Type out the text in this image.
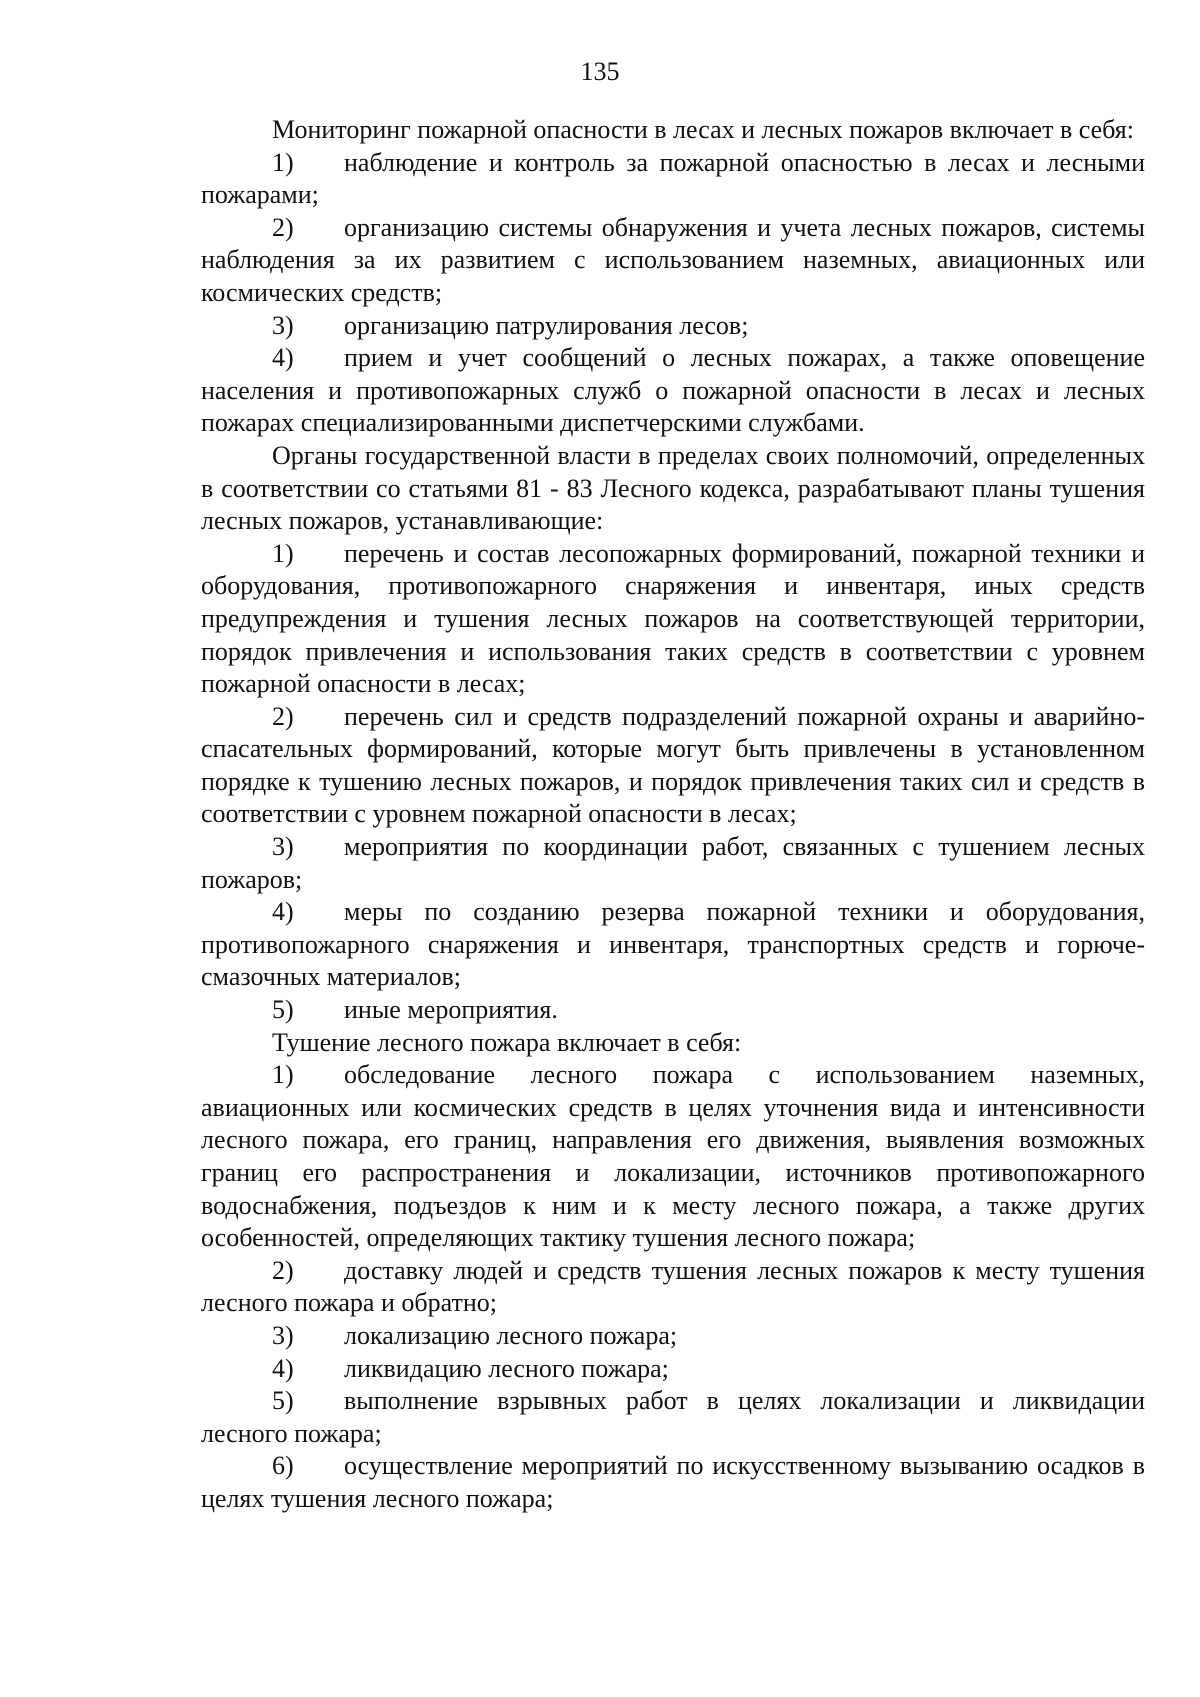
135

Мониторинг пожарной опасности в лесах и лесных пожаров включает в себя:

1) наблюдение и контроль за пожарной опасностью в лесах и лесными пожарами;

2) организацию системы обнаружения и учета лесных пожаров, системы наблюдения за их развитием с использованием наземных, авиационных или космических средств;

3) организацию патрулирования лесов;

4) прием и учет сообщений о лесных пожарах, а также оповещение населения и противопожарных служб о пожарной опасности в лесах и лесных пожарах специализированными диспетчерскими службами.

Органы государственной власти в пределах своих полномочий, определенных в соответствии со статьями 81 - 83 Лесного кодекса, разрабатывают планы тушения лесных пожаров, устанавливающие:

1) перечень и состав лесопожарных формирований, пожарной техники и оборудования, противопожарного снаряжения и инвентаря, иных средств предупреждения и тушения лесных пожаров на соответствующей территории, порядок привлечения и использования таких средств в соответствии с уровнем пожарной опасности в лесах;

2) перечень сил и средств подразделений пожарной охраны и аварийно-спасательных формирований, которые могут быть привлечены в установленном порядке к тушению лесных пожаров, и порядок привлечения таких сил и средств в соответствии с уровнем пожарной опасности в лесах;

3) мероприятия по координации работ, связанных с тушением лесных пожаров;

4) меры по созданию резерва пожарной техники и оборудования, противопожарного снаряжения и инвентаря, транспортных средств и горюче-смазочных материалов;

5) иные мероприятия.

Тушение лесного пожара включает в себя:

1) обследование лесного пожара с использованием наземных, авиационных или космических средств в целях уточнения вида и интенсивности лесного пожара, его границ, направления его движения, выявления возможных границ его распространения и локализации, источников противопожарного водоснабжения, подъездов к ним и к месту лесного пожара, а также других особенностей, определяющих тактику тушения лесного пожара;

2) доставку людей и средств тушения лесных пожаров к месту тушения лесного пожара и обратно;

3) локализацию лесного пожара;

4) ликвидацию лесного пожара;

5) выполнение взрывных работ в целях локализации и ликвидации лесного пожара;

6) осуществление мероприятий по искусственному вызыванию осадков в целях тушения лесного пожара;
